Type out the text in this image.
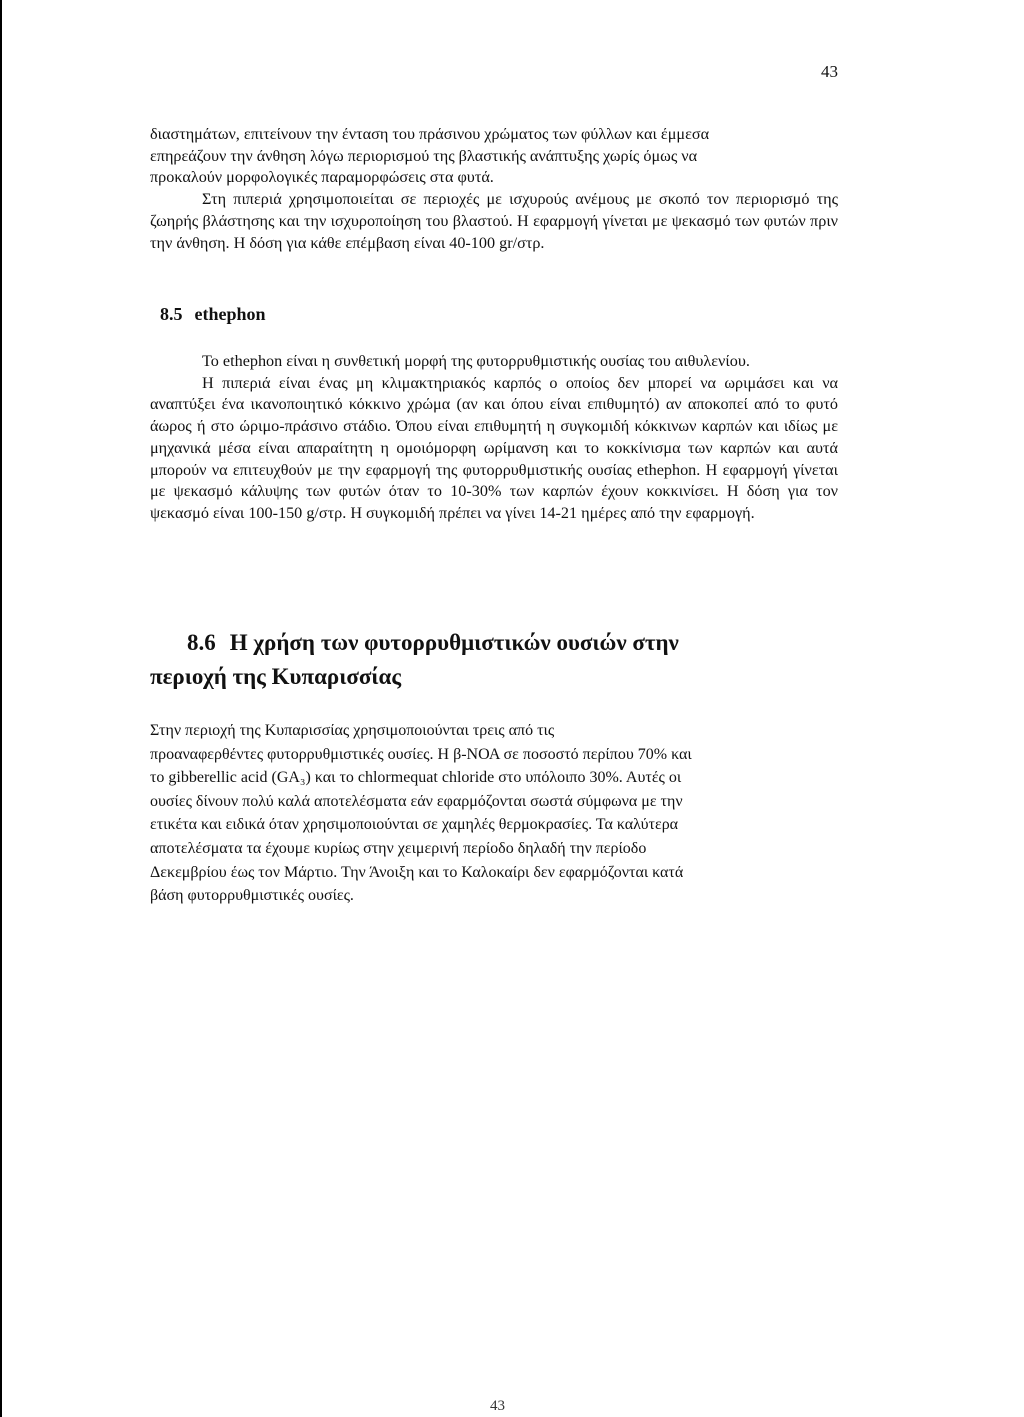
43

διαστημάτων, επιτείνουν την ένταση του πράσινου χρώματος των φύλλων και έμμεσα

επηρεάζουν την άνθηση λόγω περιορισμού της βλαστικής ανάπτυξης χωρίς όμως να

προκαλούν μορφολογικές παραμορφώσεις στα φυτά.

Στη πιπεριά χρησιμοποιείται σε περιοχές με ισχυρούς ανέμους με σκοπό τον περιορισμό της ζωηρής βλάστησης και την ισχυροποίηση του βλαστού. Η εφαρμογή γίνεται με ψεκασμό των φυτών πριν την άνθηση. Η δόση για κάθε επέμβαση είναι 40-100 gr/στρ.

8.5 ethephon

Το ethephon είναι η συνθετική μορφή της φυτορρυθμιστικής ουσίας του αιθυλενίου.

Η πιπεριά είναι ένας μη κλιμακτηριακός καρπός ο οποίος δεν μπορεί να ωριμάσει και να αναπτύξει ένα ικανοποιητικό κόκκινο χρώμα (αν και όπου είναι επιθυμητό) αν αποκοπεί από το φυτό άωρος ή στο ώριμο-πράσινο στάδιο. Όπου είναι επιθυμητή η συγκομιδή κόκκινων καρπών και ιδίως με μηχανικά μέσα είναι απαραίτητη η ομοιόμορφη ωρίμανση και το κοκκίνισμα των καρπών και αυτά μπορούν να επιτευχθούν με την εφαρμογή της φυτορρυθμιστικής ουσίας ethephon. Η εφαρμογή γίνεται με ψεκασμό κάλυψης των φυτών όταν το 10-30% των καρπών έχουν κοκκινίσει. Η δόση για τον ψεκασμό είναι 100-150 g/στρ. Η συγκομιδή πρέπει να γίνει 14-21 ημέρες από την εφαρμογή.

8.6 Η χρήση των φυτορρυθμιστικών ουσιών στην
περιοχή της Κυπαρισσίας

Στην περιοχή της Κυπαρισσίας χρησιμοποιούνται τρεις από τις

προαναφερθέντες φυτορρυθμιστικές ουσίες. Η β-ΝΟΑ σε ποσοστό περίπου 70% και

το gibberellic acid (GA₃) και το chlormequat chloride στο υπόλοιπο 30%. Αυτές οι

ουσίες δίνουν πολύ καλά αποτελέσματα εάν εφαρμόζονται σωστά σύμφωνα με την

ετικέτα και ειδικά όταν χρησιμοποιούνται σε χαμηλές θερμοκρασίες. Τα καλύτερα

αποτελέσματα τα έχουμε κυρίως στην χειμερινή περίοδο δηλαδή την περίοδο

Δεκεμβρίου έως τον Μάρτιο. Την Άνοιξη και το Καλοκαίρι δεν εφαρμόζονται κατά

βάση φυτορρυθμιστικές ουσίες.

43
